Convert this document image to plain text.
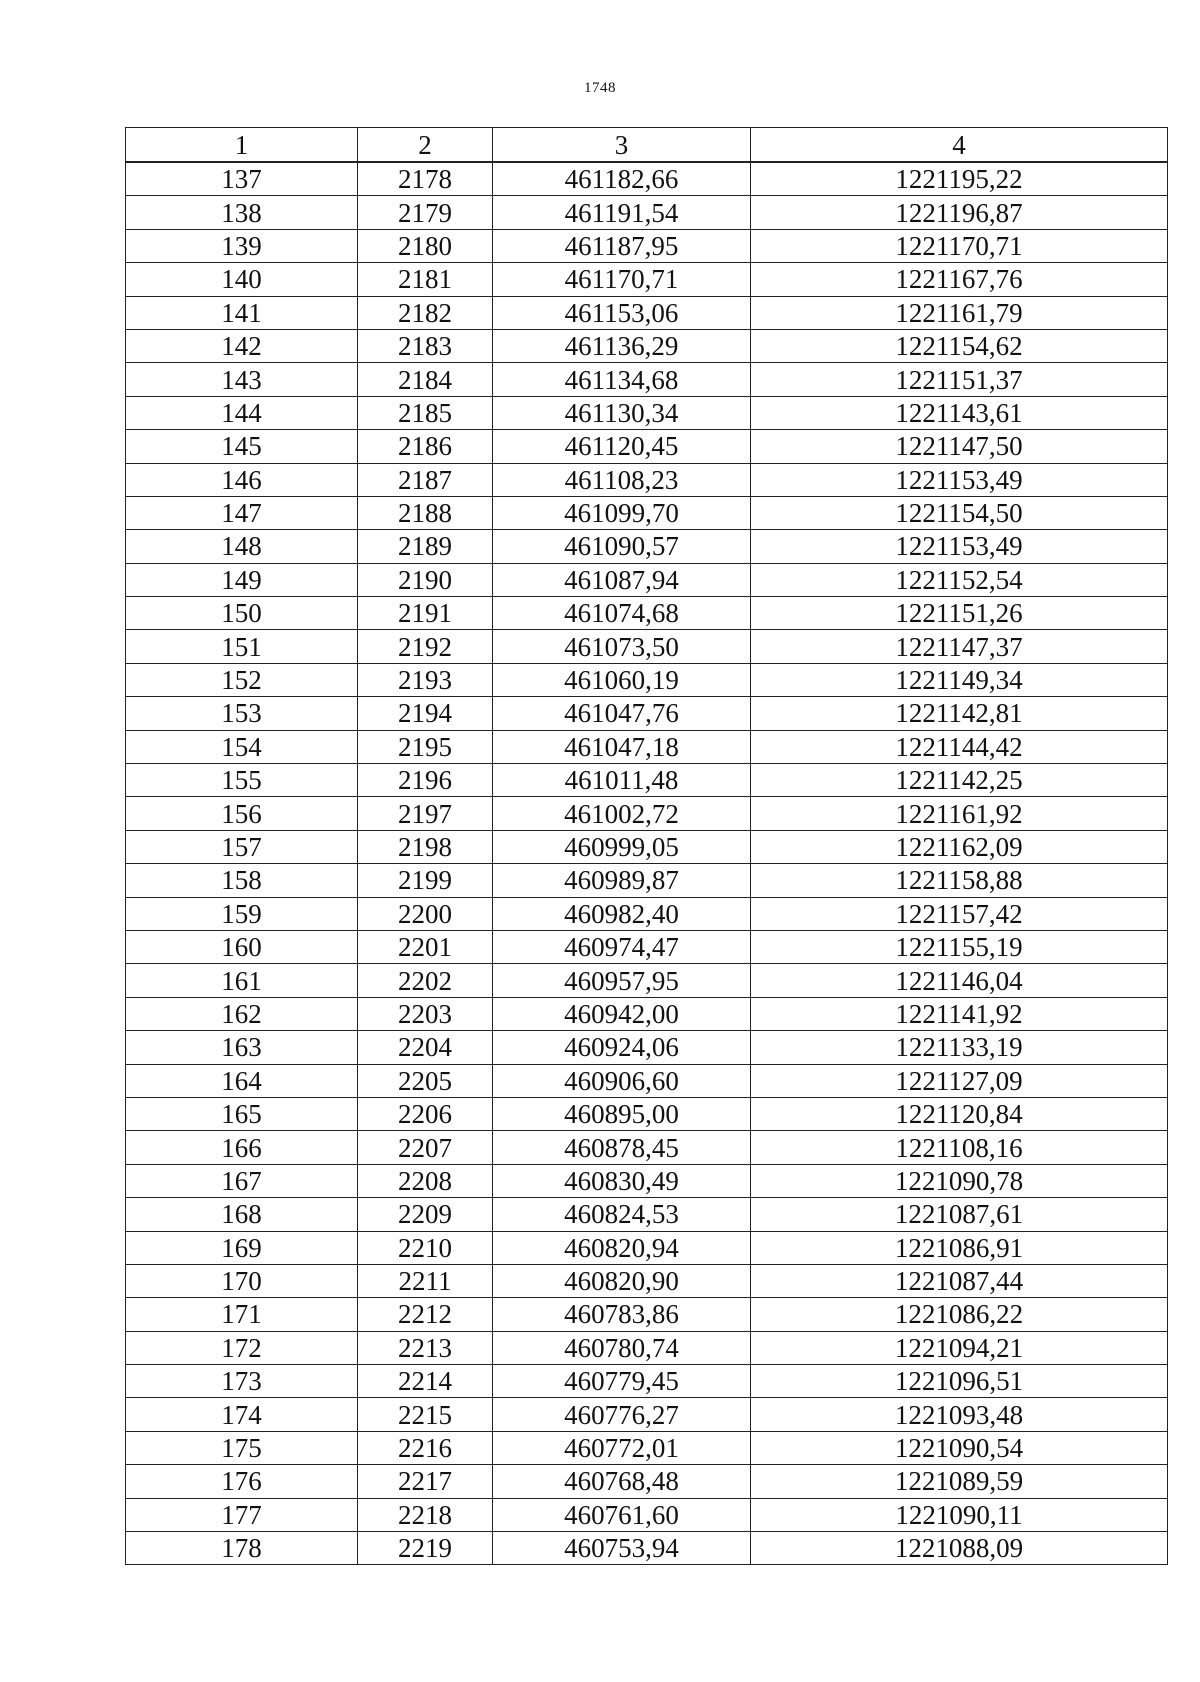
1748
1	2	3	4
137	2178	461182,66	1221195,22
138	2179	461191,54	1221196,87
139	2180	461187,95	1221170,71
140	2181	461170,71	1221167,76
141	2182	461153,06	1221161,79
142	2183	461136,29	1221154,62
143	2184	461134,68	1221151,37
144	2185	461130,34	1221143,61
145	2186	461120,45	1221147,50
146	2187	461108,23	1221153,49
147	2188	461099,70	1221154,50
148	2189	461090,57	1221153,49
149	2190	461087,94	1221152,54
150	2191	461074,68	1221151,26
151	2192	461073,50	1221147,37
152	2193	461060,19	1221149,34
153	2194	461047,76	1221142,81
154	2195	461047,18	1221144,42
155	2196	461011,48	1221142,25
156	2197	461002,72	1221161,92
157	2198	460999,05	1221162,09
158	2199	460989,87	1221158,88
159	2200	460982,40	1221157,42
160	2201	460974,47	1221155,19
161	2202	460957,95	1221146,04
162	2203	460942,00	1221141,92
163	2204	460924,06	1221133,19
164	2205	460906,60	1221127,09
165	2206	460895,00	1221120,84
166	2207	460878,45	1221108,16
167	2208	460830,49	1221090,78
168	2209	460824,53	1221087,61
169	2210	460820,94	1221086,91
170	2211	460820,90	1221087,44
171	2212	460783,86	1221086,22
172	2213	460780,74	1221094,21
173	2214	460779,45	1221096,51
174	2215	460776,27	1221093,48
175	2216	460772,01	1221090,54
176	2217	460768,48	1221089,59
177	2218	460761,60	1221090,11
178	2219	460753,94	1221088,09
